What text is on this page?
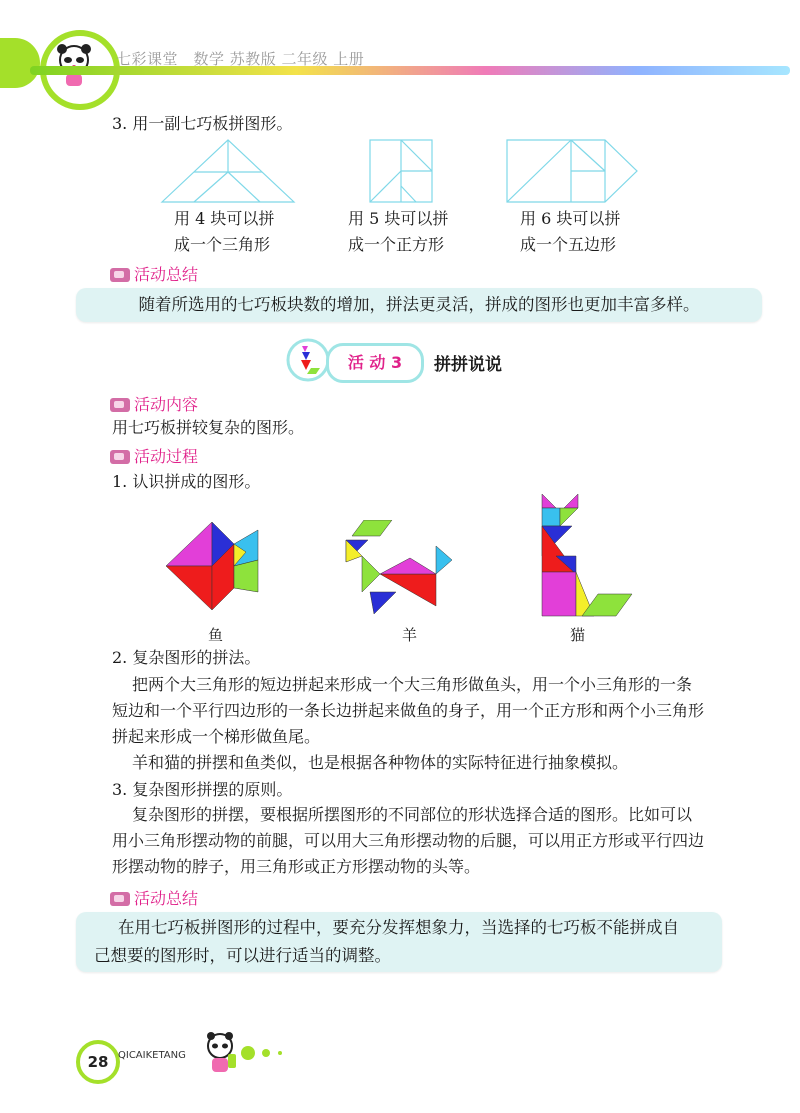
七彩课堂　数学 苏教版 二年级 上册
3. 用一副七巧板拼图形。
用 4 块可以拼
成一个三角形
用 5 块可以拼
成一个正方形
用 6 块可以拼
成一个五边形
活动总结
随着所选用的七巧板块数的增加，拼法更灵活，拼成的图形也更加丰富多样。
活 动 3	拼拼说说
活动内容
用七巧板拼较复杂的图形。
活动过程
1. 认识拼成的图形。
鱼	羊	猫
2. 复杂图形的拼法。
把两个大三角形的短边拼起来形成一个大三角形做鱼头，用一个小三角形的一条
短边和一个平行四边形的一条长边拼起来做鱼的身子，用一个正方形和两个小三角形
拼起来形成一个梯形做鱼尾。
羊和猫的拼摆和鱼类似，也是根据各种物体的实际特征进行抽象模拟。
3. 复杂图形拼摆的原则。
复杂图形的拼摆，要根据所摆图形的不同部位的形状选择合适的图形。比如可以
用小三角形摆动物的前腿，可以用大三角形摆动物的后腿，可以用正方形或平行四边
形摆动物的脖子，用三角形或正方形摆动物的头等。
活动总结
在用七巧板拼图形的过程中，要充分发挥想象力，当选择的七巧板不能拼成自
己想要的图形时，可以进行适当的调整。
28 QICAIKETANG
